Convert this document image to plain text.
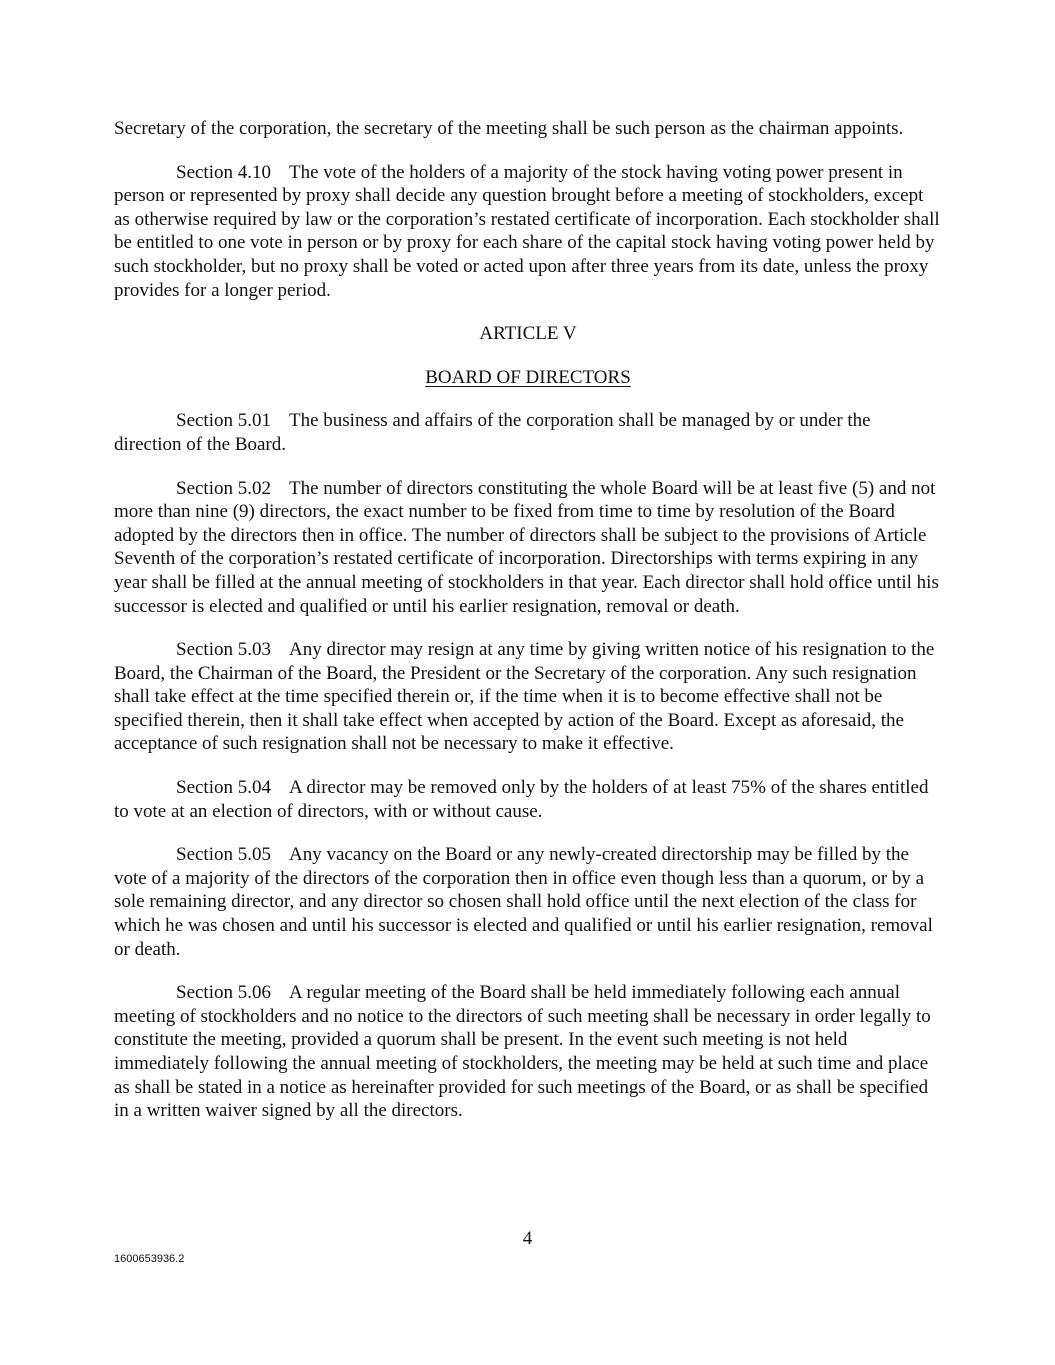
Secretary of the corporation, the secretary of the meeting shall be such person as the chairman appoints.

Section 4.10 The vote of the holders of a majority of the stock having voting power present in person or represented by proxy shall decide any question brought before a meeting of stockholders, except as otherwise required by law or the corporation’s restated certificate of incorporation. Each stockholder shall be entitled to one vote in person or by proxy for each share of the capital stock having voting power held by such stockholder, but no proxy shall be voted or acted upon after three years from its date, unless the proxy provides for a longer period.

ARTICLE V
BOARD OF DIRECTORS

Section 5.01 The business and affairs of the corporation shall be managed by or under the direction of the Board.

Section 5.02 The number of directors constituting the whole Board will be at least five (5) and not more than nine (9) directors, the exact number to be fixed from time to time by resolution of the Board adopted by the directors then in office. The number of directors shall be subject to the provisions of Article Seventh of the corporation’s restated certificate of incorporation. Directorships with terms expiring in any year shall be filled at the annual meeting of stockholders in that year. Each director shall hold office until his successor is elected and qualified or until his earlier resignation, removal or death.

Section 5.03 Any director may resign at any time by giving written notice of his resignation to the Board, the Chairman of the Board, the President or the Secretary of the corporation. Any such resignation shall take effect at the time specified therein or, if the time when it is to become effective shall not be specified therein, then it shall take effect when accepted by action of the Board. Except as aforesaid, the acceptance of such resignation shall not be necessary to make it effective.

Section 5.04 A director may be removed only by the holders of at least 75% of the shares entitled to vote at an election of directors, with or without cause.

Section 5.05 Any vacancy on the Board or any newly-created directorship may be filled by the vote of a majority of the directors of the corporation then in office even though less than a quorum, or by a sole remaining director, and any director so chosen shall hold office until the next election of the class for which he was chosen and until his successor is elected and qualified or until his earlier resignation, removal or death.

Section 5.06 A regular meeting of the Board shall be held immediately following each annual meeting of stockholders and no notice to the directors of such meeting shall be necessary in order legally to constitute the meeting, provided a quorum shall be present. In the event such meeting is not held immediately following the annual meeting of stockholders, the meeting may be held at such time and place as shall be stated in a notice as hereinafter provided for such meetings of the Board, or as shall be specified in a written waiver signed by all the directors.

4
1600653936.2
